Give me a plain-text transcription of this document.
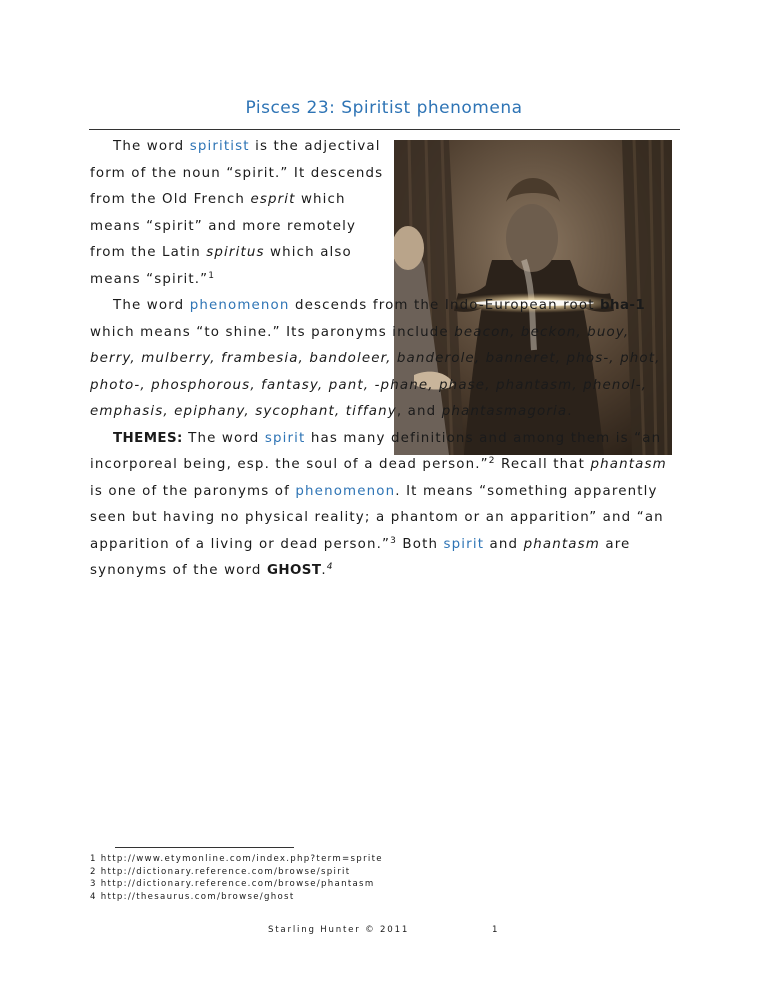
Pisces 23: Spiritist phenomena

The word spiritist is the adjectival form of the noun “spirit.” It descends from the Old French esprit which means “spirit” and more remotely from the Latin spiritus which also means “spirit.”$^1$

The word phenomenon descends from the Indo-European root bha-1 which means “to shine.” Its paronyms include beacon, beckon, buoy, berry, mulberry, frambesia, bandoleer, banderole, banneret, phos-, phot, photo-, phosphorous, fantasy, pant, -phane, phase, phantasm, phenol-, emphasis, epiphany, sycophant, tiffany, and phantasmagoria.

THEMES: The word spirit has many definitions and among them is “an incorporeal being, esp. the soul of a dead person.”$^2$ Recall that phantasm is one of the paronyms of phenomenon. It means “something apparently seen but having no physical reality; a phantom or an apparition” and “an apparition of a living or dead person.”$^3$ Both spirit and phantasm are synonyms of the word GHOST.$^4$

1 http://www.etymonline.com/index.php?term=sprite
2 http://dictionary.reference.com/browse/spirit
3 http://dictionary.reference.com/browse/phantasm
4 http://thesaurus.com/browse/ghost
Starling Hunter © 2011	1
